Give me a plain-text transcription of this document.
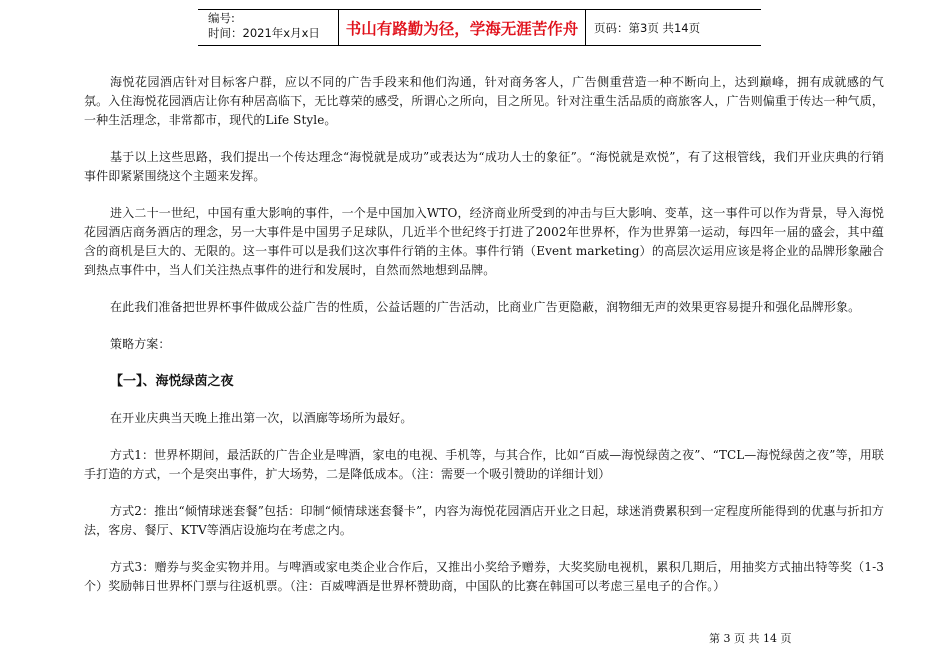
编号:
时间：2021年x月x日	书山有路勤为径，学海无涯苦作舟	页码：第3页 共14页

海悦花园酒店针对目标客户群，应以不同的广告手段来和他们沟通，针对商务客人，广告侧重营造一种不断向上，达到巅峰，拥有成就感的气氛。入住海悦花园酒店让你有种居高临下，无比尊荣的感受，所谓心之所向，目之所见。针对注重生活品质的商旅客人，广告则偏重于传达一种气质，一种生活理念，非常都市，现代的Life Style。

基于以上这些思路，我们提出一个传达理念“海悦就是成功”或表达为“成功人士的象征”。“海悦就是欢悦”，有了这根管线，我们开业庆典的行销事件即紧紧围绕这个主题来发挥。

进入二十一世纪，中国有重大影响的事件，一个是中国加入WTO，经济商业所受到的冲击与巨大影响、变革，这一事件可以作为背景，导入海悦花园酒店商务酒店的理念，另一大事件是中国男子足球队，几近半个世纪终于打进了2002年世界杯，作为世界第一运动，每四年一届的盛会，其中蕴含的商机是巨大的、无限的。这一事件可以是我们这次事件行销的主体。事件行销（Event marketing）的高层次运用应该是将企业的品牌形象融合到热点事件中，当人们关注热点事件的进行和发展时，自然而然地想到品牌。

在此我们准备把世界杯事件做成公益广告的性质，公益话题的广告活动，比商业广告更隐蔽，润物细无声的效果更容易提升和强化品牌形象。

策略方案：

【一】、海悦绿茵之夜

在开业庆典当天晚上推出第一次，以酒廊等场所为最好。

方式1：世界杯期间，最活跃的广告企业是啤酒，家电的电视、手机等，与其合作，比如“百威—海悦绿茵之夜”、“TCL—海悦绿茵之夜”等，用联手打造的方式，一个是突出事件，扩大场势，二是降低成本。（注：需要一个吸引赞助的详细计划）

方式2：推出“倾情球迷套餐”包括：印制“倾情球迷套餐卡”，内容为海悦花园酒店开业之日起，球迷消费累积到一定程度所能得到的优惠与折扣方法，客房、餐厅、KTV等酒店设施均在考虑之内。

方式3：赠券与奖金实物并用。与啤酒或家电类企业合作后，又推出小奖给予赠券，大奖奖励电视机，累积几期后，用抽奖方式抽出特等奖（1-3个）奖励韩日世界杯门票与往返机票。（注：百威啤酒是世界杯赞助商，中国队的比赛在韩国可以考虑三星电子的合作。）

第 3 页 共 14 页
